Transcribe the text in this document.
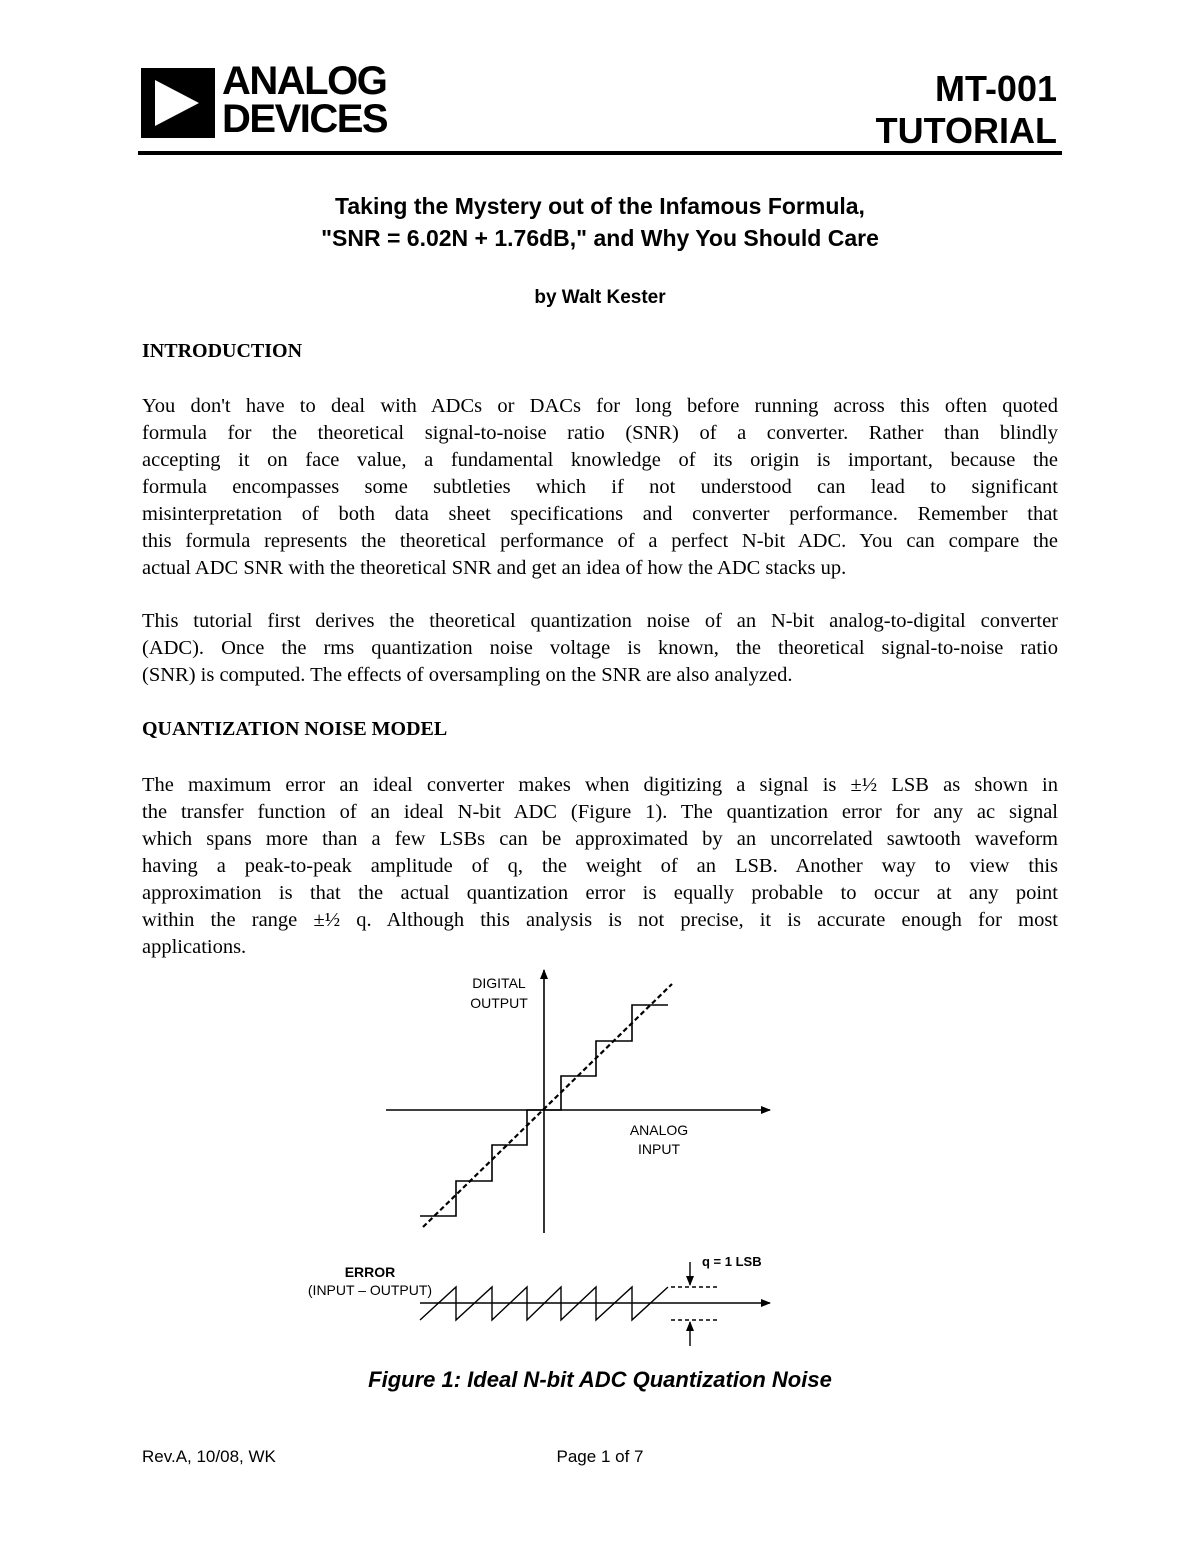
ANALOG
DEVICES
MT-001
TUTORIAL
Taking the Mystery out of the Infamous Formula,
"SNR = 6.02N + 1.76dB," and Why You Should Care
by Walt Kester
INTRODUCTION
You don't have to deal with ADCs or DACs for long before running across this often quoted
formula for the theoretical signal-to-noise ratio (SNR) of a converter. Rather than blindly
accepting it on face value, a fundamental knowledge of its origin is important, because the
formula encompasses some subtleties which if not understood can lead to significant
misinterpretation of both data sheet specifications and converter performance. Remember that
this formula represents the theoretical performance of a perfect N-bit ADC. You can compare the
actual ADC SNR with the theoretical SNR and get an idea of how the ADC stacks up.
This tutorial first derives the theoretical quantization noise of an N-bit analog-to-digital converter
(ADC). Once the rms quantization noise voltage is known, the theoretical signal-to-noise ratio
(SNR) is computed. The effects of oversampling on the SNR are also analyzed.
QUANTIZATION NOISE MODEL
The maximum error an ideal converter makes when digitizing a signal is ±½ LSB as shown in
the transfer function of an ideal N-bit ADC (Figure 1). The quantization error for any ac signal
which spans more than a few LSBs can be approximated by an uncorrelated sawtooth waveform
having a peak-to-peak amplitude of q, the weight of an LSB. Another way to view this
approximation is that the actual quantization error is equally probable to occur at any point
within the range ±½ q. Although this analysis is not precise, it is accurate enough for most
applications.
DIGITAL
OUTPUT
ANALOG
INPUT
q = 1 LSB
ERROR
(INPUT – OUTPUT)
Figure 1: Ideal N-bit ADC Quantization Noise
Rev.A, 10/08, WK	Page 1 of 7
